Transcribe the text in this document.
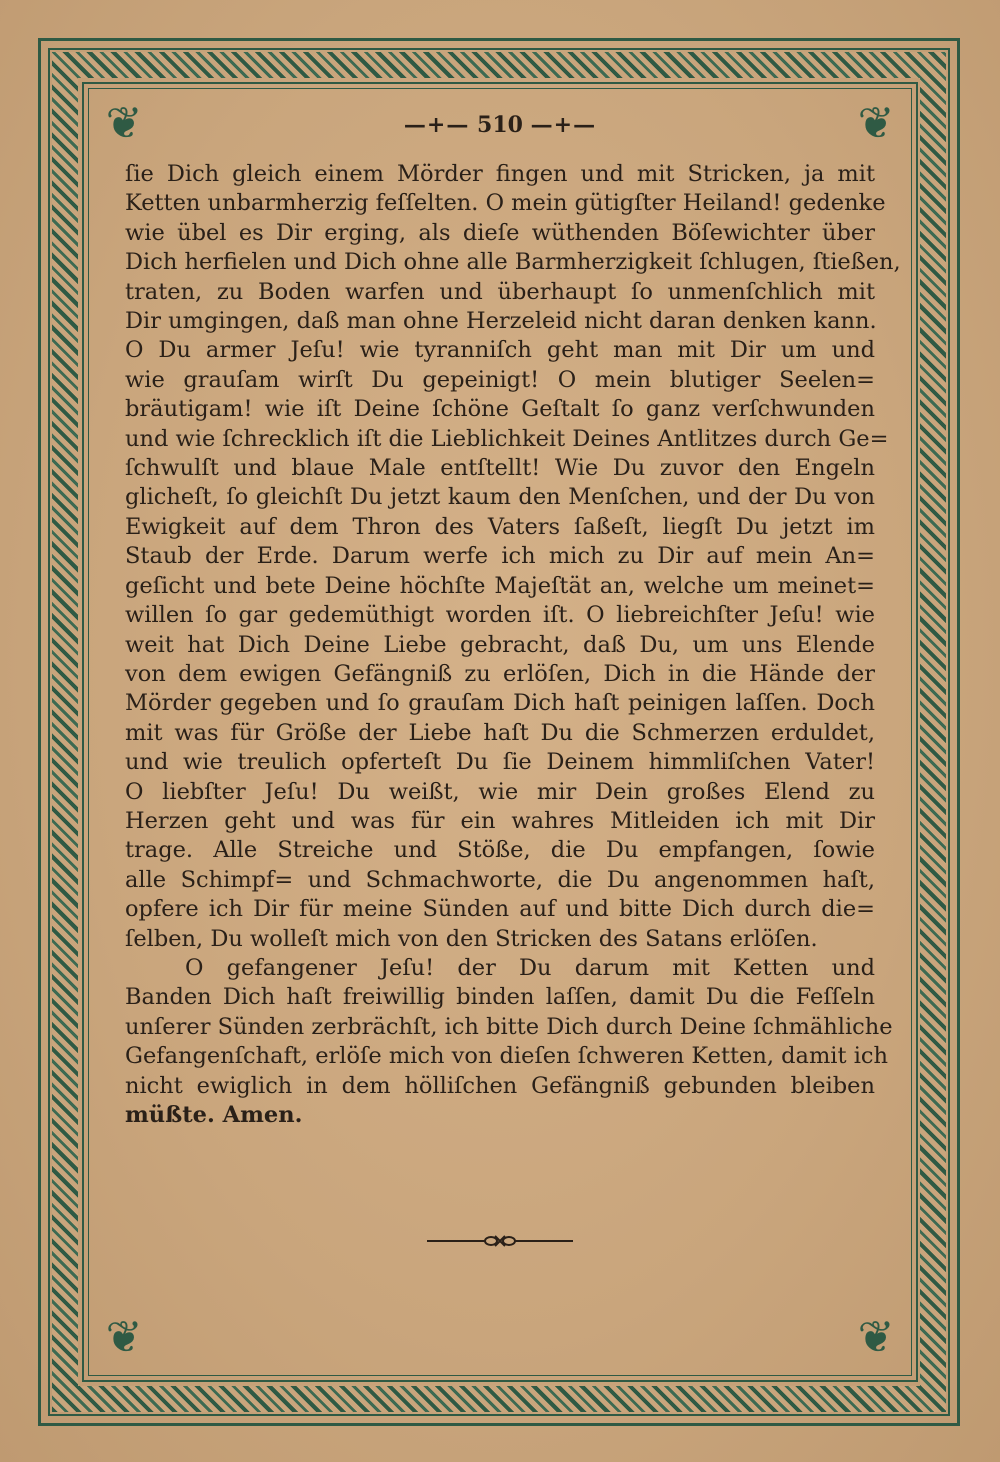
❦	❦
❦	❦
—+— 510 —+—
ſie Dich gleich einem Mörder fingen und mit Stricken, ja mit
Ketten unbarmherzig feſſelten. O mein gütigſter Heiland! gedenke
wie übel es Dir erging, als dieſe wüthenden Böſewichter über
Dich herfielen und Dich ohne alle Barmherzigkeit ſchlugen, ſtießen,
traten, zu Boden warfen und überhaupt ſo unmenſchlich mit
Dir umgingen, daß man ohne Herzeleid nicht daran denken kann.
O Du armer Jeſu! wie tyranniſch geht man mit Dir um und
wie grauſam wirſt Du gepeinigt! O mein blutiger Seelen=
bräutigam! wie iſt Deine ſchöne Geſtalt ſo ganz verſchwunden
und wie ſchrecklich iſt die Lieblichkeit Deines Antlitzes durch Ge=
ſchwulſt und blaue Male entſtellt! Wie Du zuvor den Engeln
glicheſt, ſo gleichſt Du jetzt kaum den Menſchen, und der Du von
Ewigkeit auf dem Thron des Vaters ſaßeſt, liegſt Du jetzt im
Staub der Erde. Darum werfe ich mich zu Dir auf mein An=
geſicht und bete Deine höchſte Majeſtät an, welche um meinet=
willen ſo gar gedemüthigt worden iſt. O liebreichſter Jeſu! wie
weit hat Dich Deine Liebe gebracht, daß Du, um uns Elende
von dem ewigen Gefängniß zu erlöſen, Dich in die Hände der
Mörder gegeben und ſo grauſam Dich haſt peinigen laſſen. Doch
mit was für Größe der Liebe haſt Du die Schmerzen erduldet,
und wie treulich opferteſt Du ſie Deinem himmliſchen Vater!
O liebſter Jeſu! Du weißt, wie mir Dein großes Elend zu
Herzen geht und was für ein wahres Mitleiden ich mit Dir
trage. Alle Streiche und Stöße, die Du empfangen, ſowie
alle Schimpf= und Schmachworte, die Du angenommen haſt,
opfere ich Dir für meine Sünden auf und bitte Dich durch die=
ſelben, Du wolleſt mich von den Stricken des Satans erlöſen.
O gefangener Jeſu! der Du darum mit Ketten und
Banden Dich haſt freiwillig binden laſſen, damit Du die Feſſeln
unſerer Sünden zerbrächſt, ich bitte Dich durch Deine ſchmähliche
Gefangenſchaft, erlöſe mich von dieſen ſchweren Ketten, damit ich
nicht ewiglich in dem hölliſchen Gefängniß gebunden bleiben
müßte. Amen.
